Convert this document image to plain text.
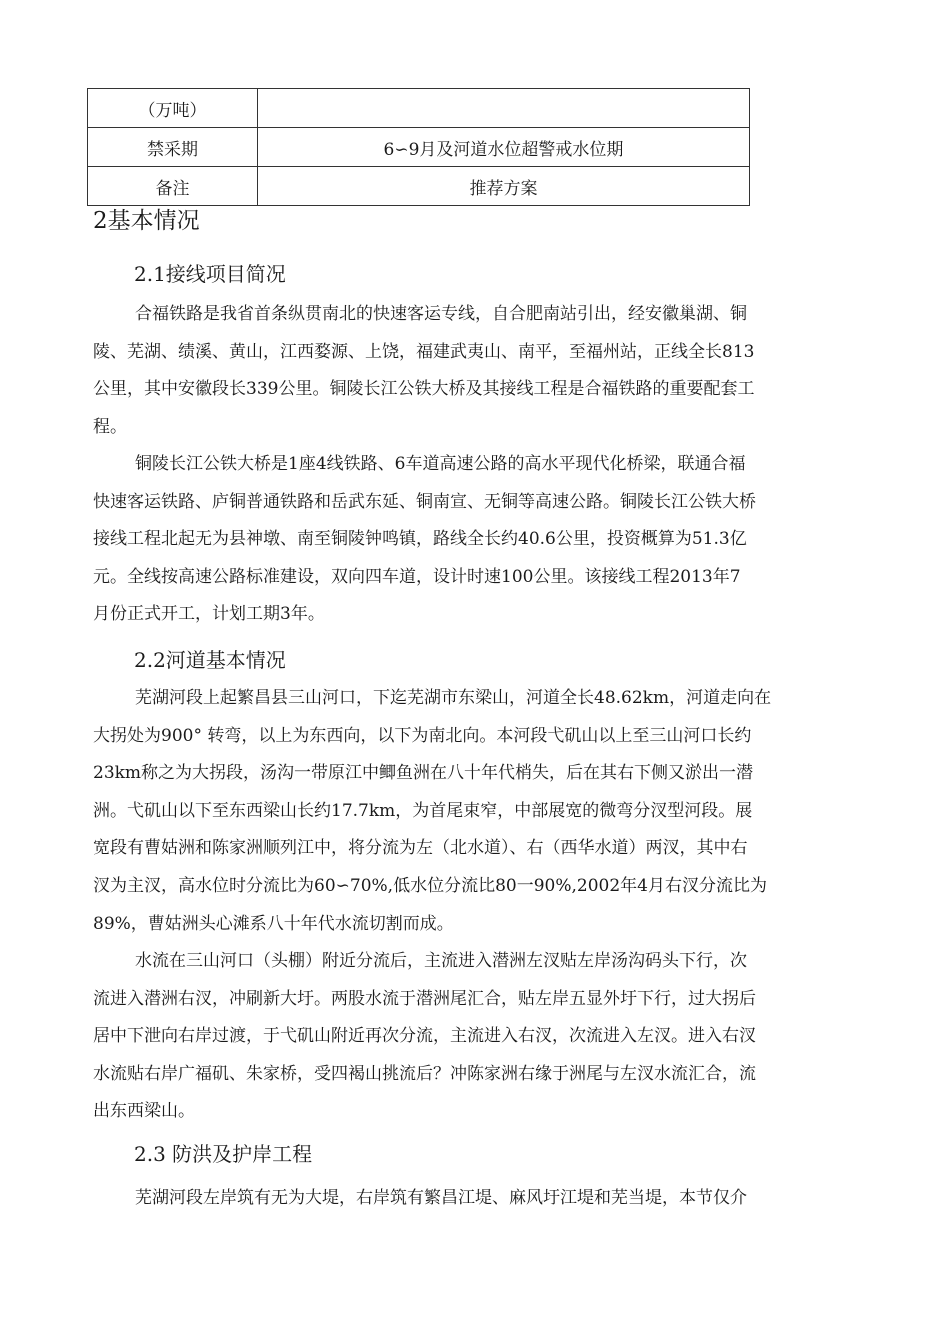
（万吨）	
禁采期	6∽9月及河道水位超警戒水位期
备注	推荐方案
2基本情况
2.1接线项目简况
合福铁路是我省首条纵贯南北的快速客运专线，自合肥南站引出，经安徽巢湖、铜
陵、芜湖、绩溪、黄山，江西婺源、上饶，福建武夷山、南平，至福州站，正线全长813
公里，其中安徽段长339公里。铜陵长江公铁大桥及其接线工程是合福铁路的重要配套工
程。
铜陵长江公铁大桥是1座4线铁路、6车道高速公路的高水平现代化桥梁，联通合福
快速客运铁路、庐铜普通铁路和岳武东延、铜南宣、无铜等高速公路。铜陵长江公铁大桥
接线工程北起无为县神墩、南至铜陵钟鸣镇，路线全长约40.6公里，投资概算为51.3亿
元。全线按高速公路标准建设，双向四车道，设计时速100公里。该接线工程2013年7
月份正式开工，计划工期3年。
2.2河道基本情况
芜湖河段上起繁昌县三山河口，下迄芜湖市东梁山，河道全长48.62km，河道走向在
大拐处为900° 转弯，以上为东西向，以下为南北向。本河段弋矶山以上至三山河口长约
23km称之为大拐段，汤沟一带原江中鲫鱼洲在八十年代梢失，后在其右下侧又淤出一潜
洲。弋矶山以下至东西梁山长约17.7km，为首尾束窄，中部展宽的微弯分汊型河段。展
宽段有曹姑洲和陈家洲顺列江中，将分流为左（北水道）、右（西华水道）两汊，其中右
汊为主汊，高水位时分流比为60∽70%,低水位分流比80一90%,2002年4月右汊分流比为
89%，曹姑洲头心滩系八十年代水流切割而成。
水流在三山河口（头棚）附近分流后，主流进入潜洲左汊贴左岸汤沟码头下行，次
流进入潜洲右汊，冲刷新大圩。两股水流于潜洲尾汇合，贴左岸五显外圩下行，过大拐后
居中下泄向右岸过渡，于弋矶山附近再次分流，主流进入右汊，次流进入左汊。进入右汊
水流贴右岸广福矶、朱家桥，受四褐山挑流后？冲陈家洲右缘于洲尾与左汊水流汇合，流
出东西梁山。
2.3 防洪及护岸工程
芜湖河段左岸筑有无为大堤，右岸筑有繁昌江堤、麻风圩江堤和芜当堤，本节仅介
